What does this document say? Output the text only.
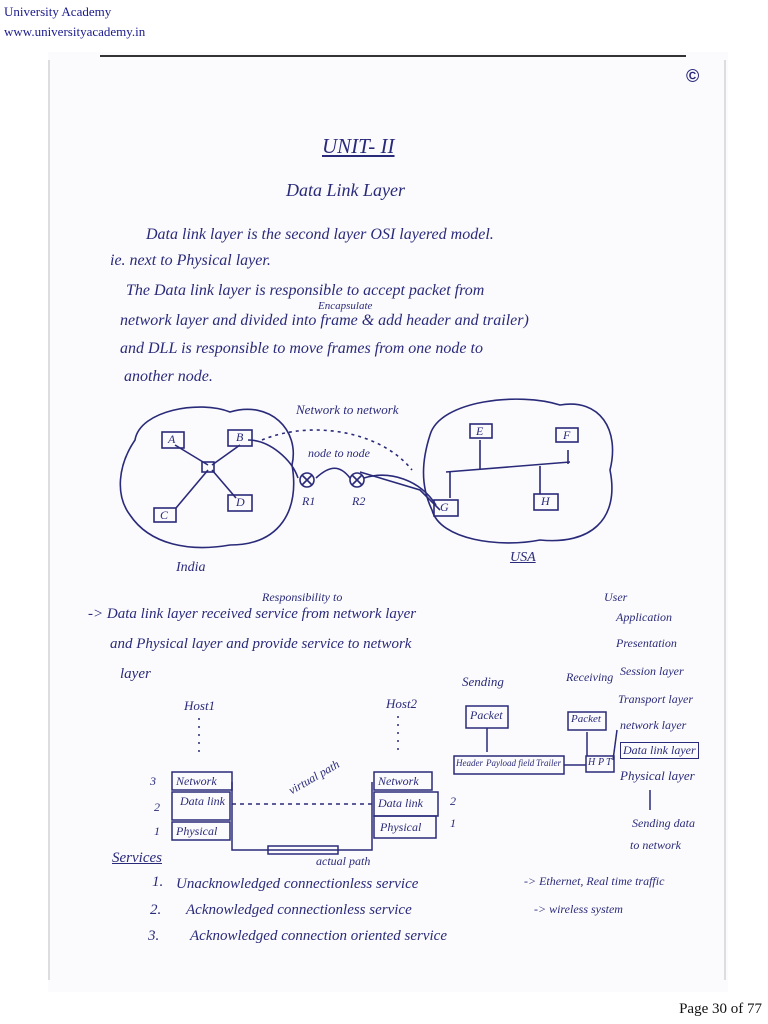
University Academy
www.universityacademy.in
©
UNIT- II
Data Link Layer
Data link layer is the second layer OSI layered model.
ie. next to Physical layer.
The Data link layer is responsible to accept packet from
Encapsulate
network layer and divided into frame & add header and trailer)
and DLL is responsible to move frames from one node to
another node.
Network to network
node to node
A	B
C
D
E	F
G	H
R1	R2
India
USA
Responsibility to
-> Data link layer received service from network layer
and Physical layer and provide service to network
layer
User
Application
Presentation
Session layer
Transport layer
network layer
Data link layer
Physical layer
Sending data
to network
Host1	Host2
Network
Data link
Physical
Network
Data link
Physical
3
2
1
2
1
virtual path
actual path
Sending	Receiving
Packet	Packet
Header Payload field Trailer	H P T
Services
1. Unacknowledged connectionless service	-> Ethernet, Real time traffic
2. Acknowledged connectionless service	-> wireless system
3. Acknowledged connection oriented service
Page 30 of 77
